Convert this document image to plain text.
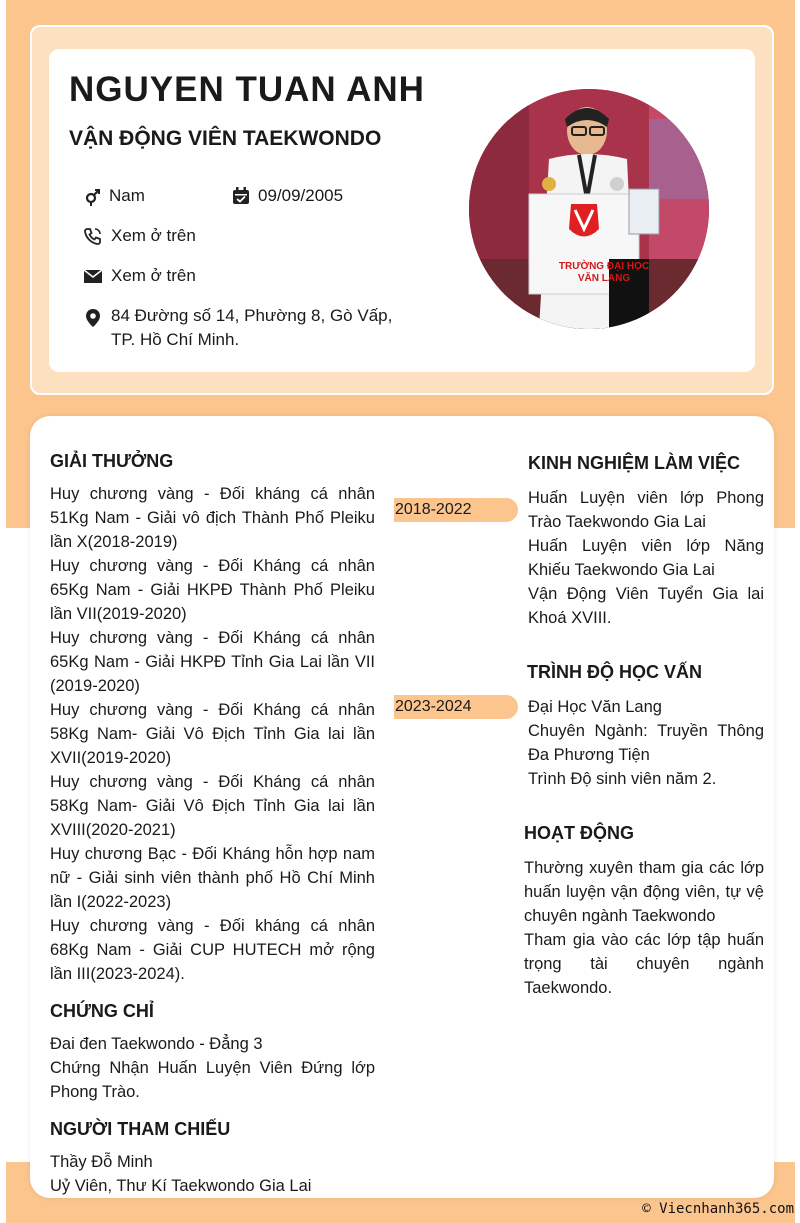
NGUYEN TUAN ANH
VẬN ĐỘNG VIÊN TAEKWONDO
Nam	09/09/2005
Xem ở trên
Xem ở trên
84 Đường số 14, Phường 8, Gò Vấp,
TP. Hồ Chí Minh.
TRƯỜNG ĐẠI HỌC
VĂN LANG
GIẢI THƯỞNG

Huy chương vàng - Đối kháng cá nhân 51Kg Nam - Giải vô địch Thành Phố Pleiku lần X(2018-2019)

Huy chương vàng - Đối Kháng cá nhân 65Kg Nam - Giải HKPĐ Thành Phố Pleiku lần VII(2019-2020)

Huy chương vàng - Đối Kháng cá nhân 65Kg Nam - Giải HKPĐ Tỉnh Gia Lai lần VII (2019-2020)

Huy chương vàng - Đối Kháng cá nhân 58Kg Nam- Giải Vô Địch Tỉnh Gia lai lần XVII(2019-2020)

Huy chương vàng - Đối Kháng cá nhân 58Kg Nam- Giải Vô Địch Tỉnh Gia lai lần XVIII(2020-2021)

Huy chương Bạc - Đối Kháng hỗn hợp nam nữ - Giải sinh viên thành phố Hồ Chí Minh lần I(2022-2023)

Huy chương vàng - Đối kháng cá nhân 68Kg Nam - Giải CUP HUTECH mở rộng lần III(2023-2024).

CHỨNG CHỈ

Đai đen Taekwondo - Đẳng 3

Chứng Nhận Huấn Luyện Viên Đứng lớp Phong Trào.

NGƯỜI THAM CHIẾU

Thầy Đỗ Minh

Uỷ Viên, Thư Kí Taekwondo Gia Lai

KINH NGHIỆM LÀM VIỆC
2018-2022

Huấn Luyện viên lớp Phong Trào Taekwondo Gia Lai

Huấn Luyện viên lớp Năng Khiếu Taekwondo Gia Lai

Vận Động Viên Tuyển Gia lai Khoá XVIII.

TRÌNH ĐỘ HỌC VẤN
2023-2024	Đại Học Văn Lang

Chuyên Ngành: Truyền Thông Đa Phương Tiện

Trình Độ sinh viên năm 2.

HOẠT ĐỘNG

Thường xuyên tham gia các lớp huấn luyện vận động viên, tự vệ chuyên ngành Taekwondo

Tham gia vào các lớp tập huấn trọng tài chuyên ngành Taekwondo.

© Viecnhanh365.com
